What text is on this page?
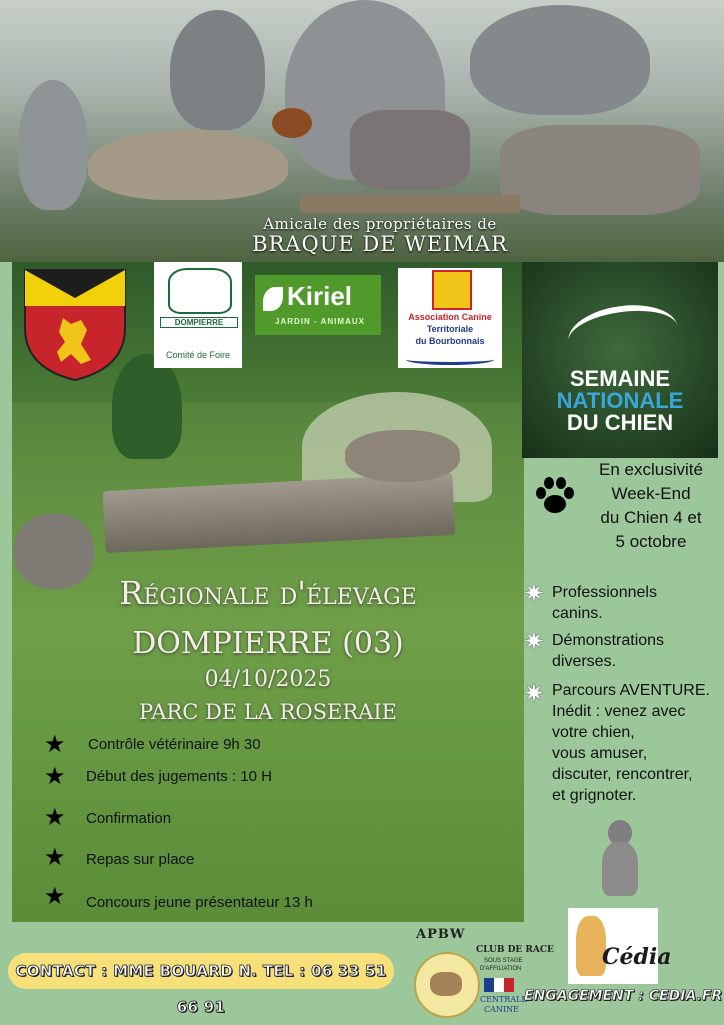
Amicale des propriétaires de
BRAQUE DE WEIMAR
DOMPIERRE
Comité de Foire
Kiriel
JARDIN - ANIMAUX	Association Canine
Territoriale
du Bourbonnais
SEMAINE
NATIONALE
DU CHIEN
En exclusivité
Week-End
du Chien 4 et
5 octobre
✷ Professionnels
canins.
✷ Démonstrations
diverses.
✷ Parcours AVENTURE.
Inédit : venez avec
votre chien,
vous amuser,
discuter, rencontrer,
et grignoter.
Régionale d'élevage
DOMPIERRE (03)
04/10/2025
PARC DE LA ROSERAIE
★ Contrôle vétérinaire 9h 30
★ Début des jugements : 10 H
★ Confirmation
★ Repas sur place
★ Concours jeune présentateur 13 h
Cédia
APBW
CLUB DE RACE
SOUS STAGE
D'AFFILIATION
CENTRALE
CANINE
CONTACT : MME BOUARD N. TEL : 06 33 51 66 91
ENGAGEMENT : CEDIA.FR
